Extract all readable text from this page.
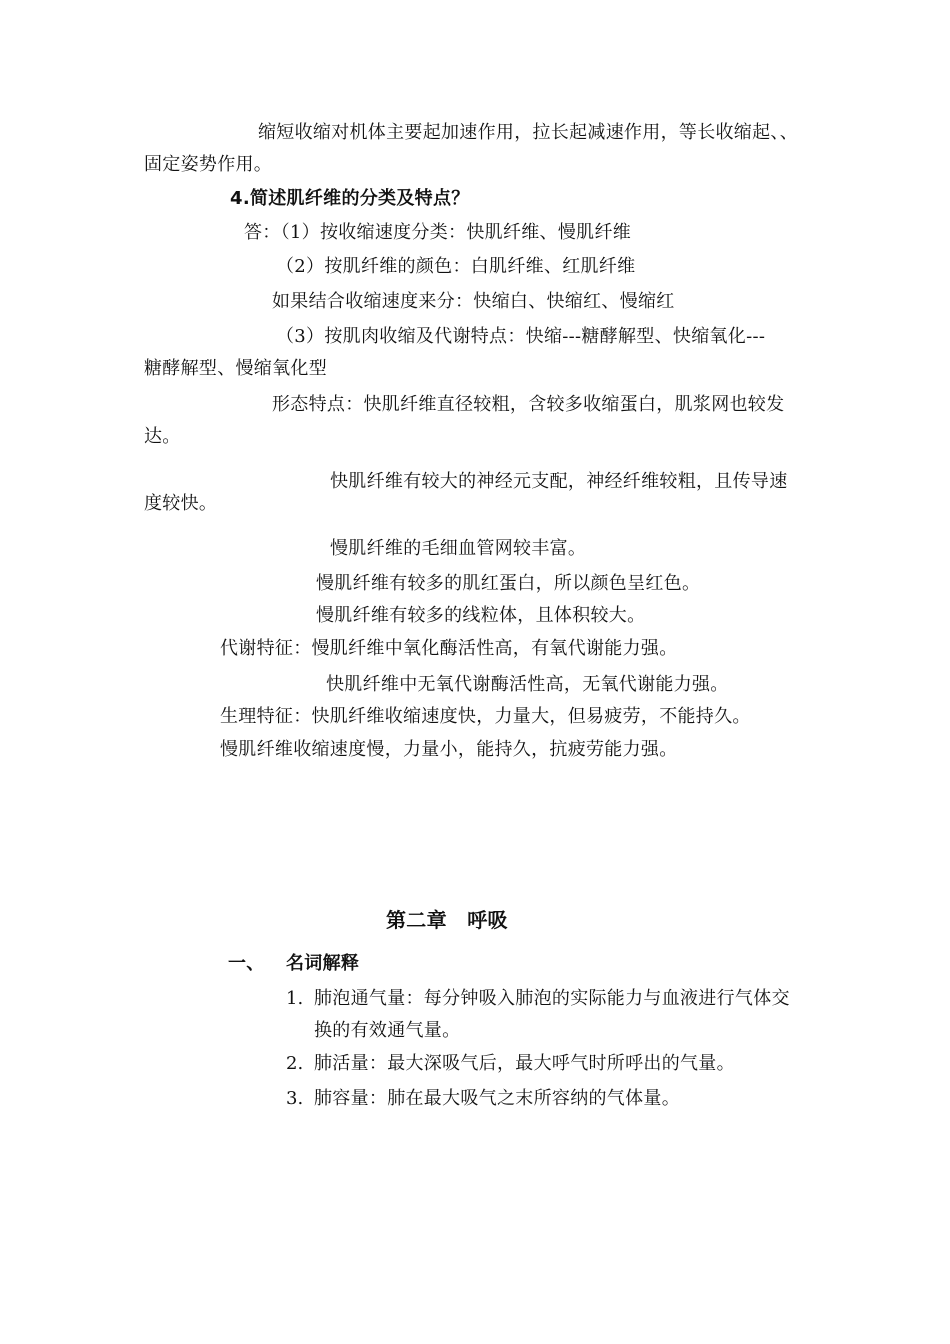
缩短收缩对机体主要起加速作用，拉长起减速作用，等长收缩起、、
固定姿势作用。
4.简述肌纤维的分类及特点？
答：（1）按收缩速度分类：快肌纤维、慢肌纤维
（2）按肌纤维的颜色：白肌纤维、红肌纤维
如果结合收缩速度来分：快缩白、快缩红、慢缩红
（3）按肌肉收缩及代谢特点：快缩---糖酵解型、快缩氧化---
糖酵解型、慢缩氧化型
形态特点：快肌纤维直径较粗，含较多收缩蛋白，肌浆网也较发
达。
快肌纤维有较大的神经元支配，神经纤维较粗，且传导速
度较快。
慢肌纤维的毛细血管网较丰富。
慢肌纤维有较多的肌红蛋白，所以颜色呈红色。
慢肌纤维有较多的线粒体，且体积较大。
代谢特征：慢肌纤维中氧化酶活性高，有氧代谢能力强。
快肌纤维中无氧代谢酶活性高，无氧代谢能力强。
生理特征：快肌纤维收缩速度快，力量大，但易疲劳，不能持久。
慢肌纤维收缩速度慢，力量小，能持久，抗疲劳能力强。
第二章　呼吸
一、 名词解释
1. 肺泡通气量：每分钟吸入肺泡的实际能力与血液进行气体交
换的有效通气量。
2. 肺活量：最大深吸气后，最大呼气时所呼出的气量。
3. 肺容量：肺在最大吸气之末所容纳的气体量。
